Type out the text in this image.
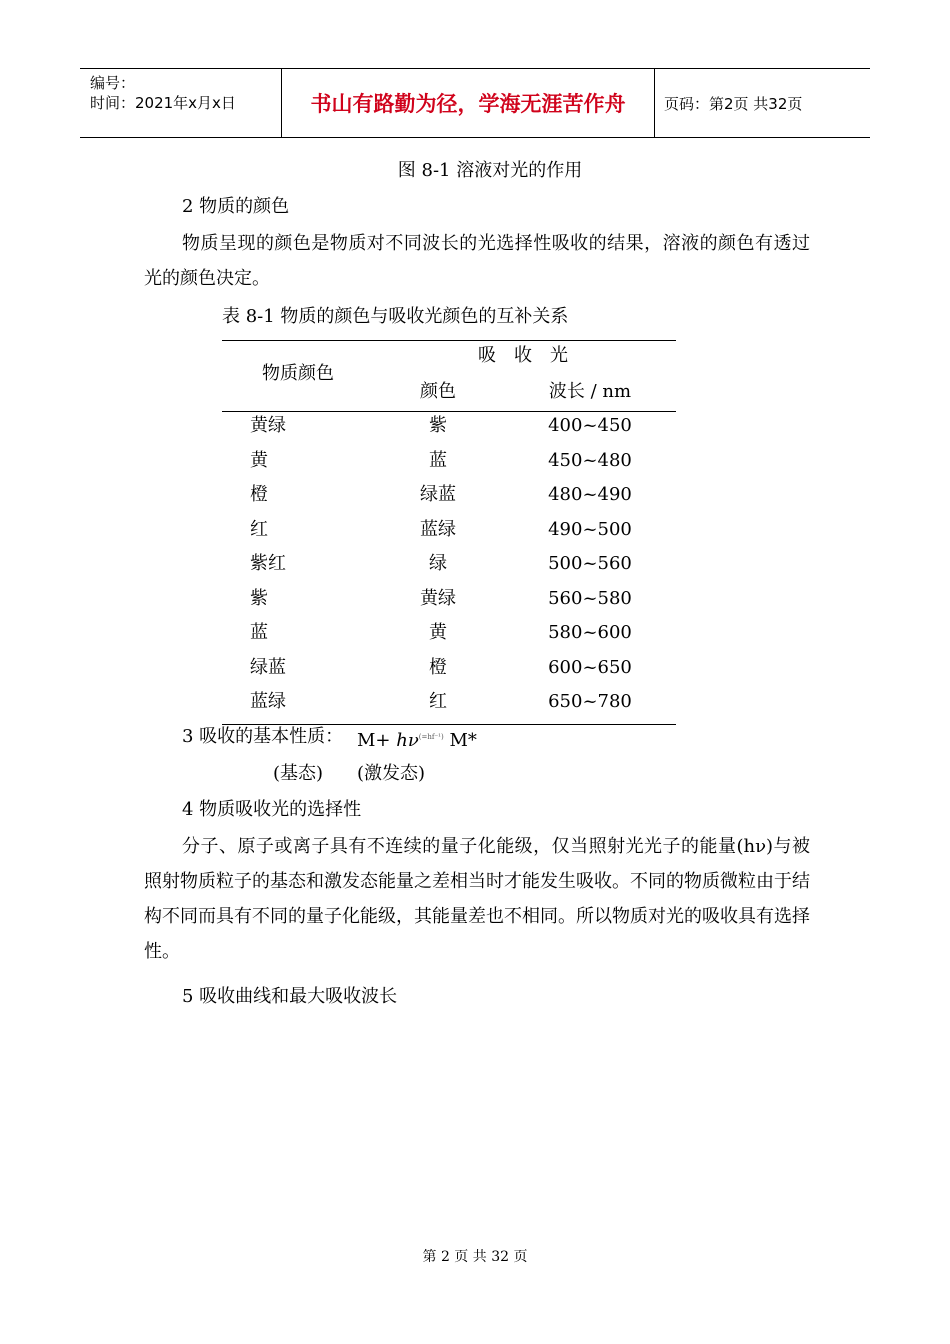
编号：
时间：2021年x月x日	书山有路勤为径，学海无涯苦作舟	页码：第2页 共32页
图 8-1 溶液对光的作用
2 物质的颜色
物质呈现的颜色是物质对不同波长的光选择性吸收的结果，溶液的颜色有透过光的颜色决定。
表 8-1 物质的颜色与吸收光颜色的互补关系
物质颜色
吸　收　光
颜色	波长 / nm
黄绿	紫	400~450
黄	蓝	450~480
橙	绿蓝	480~490
红	蓝绿	490~500
紫红	绿	500~560
紫	黄绿	560~580
蓝	黄	580~600
绿蓝	橙	600~650
蓝绿	红	650~780
3 吸收的基本性质： $M+ h\nu^{(=hf^{-1})}$ M*
(基态) (激发态)
4 物质吸收光的选择性
分子、原子或离子具有不连续的量子化能级，仅当照射光光子的能量(hν)与被照射物质粒子的基态和激发态能量之差相当时才能发生吸收。不同的物质微粒由于结构不同而具有不同的量子化能级，其能量差也不相同。所以物质对光的吸收具有选择性。
5 吸收曲线和最大吸收波长
第 2 页 共 32 页
